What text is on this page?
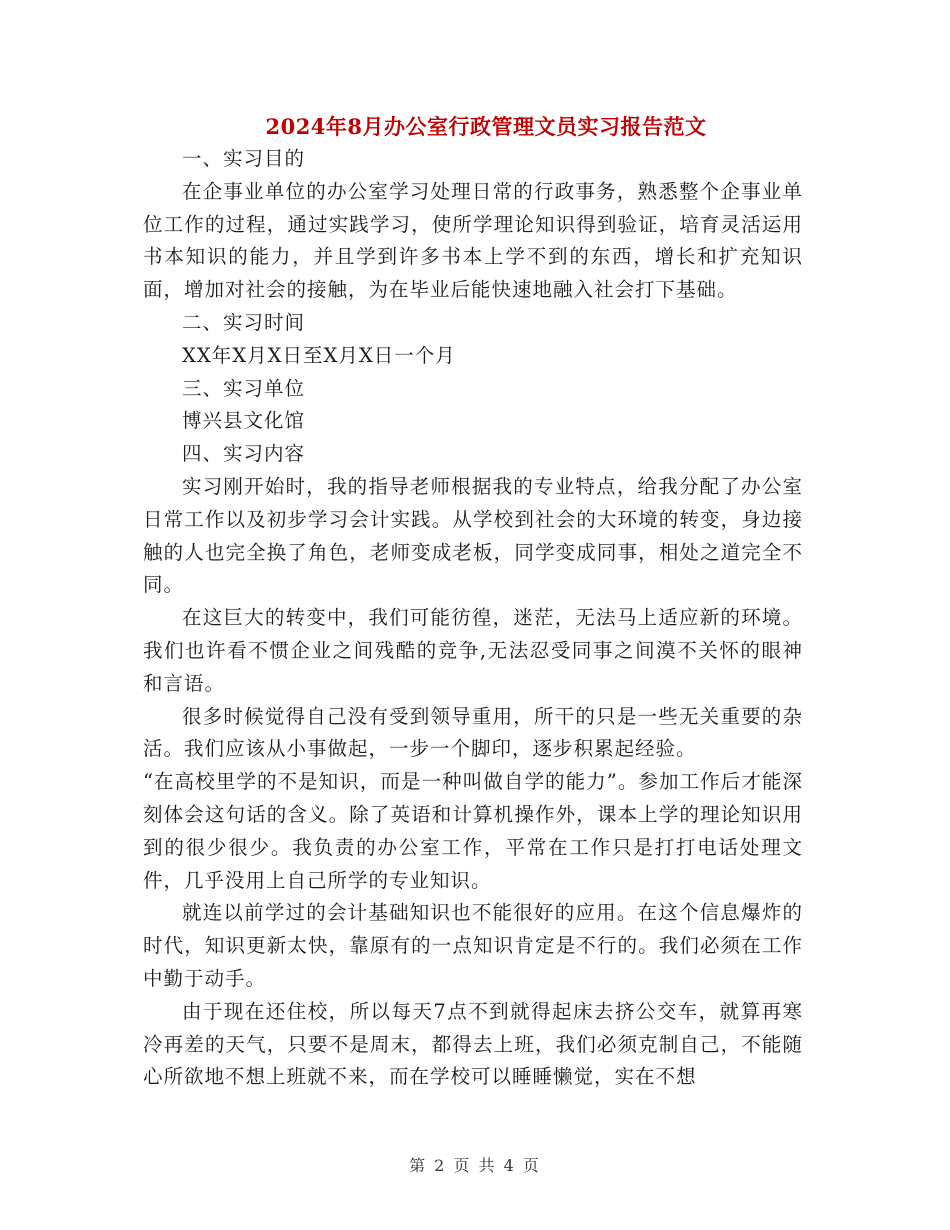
2024年8月办公室行政管理文员实习报告范文

一、实习目的

在企事业单位的办公室学习处理日常的行政事务，熟悉整个企事业单位工作的过程，通过实践学习，使所学理论知识得到验证，培育灵活运用书本知识的能力，并且学到许多书本上学不到的东西，增长和扩充知识面，增加对社会的接触，为在毕业后能快速地融入社会打下基础。

二、实习时间

XX年X月X日至X月X日一个月

三、实习单位

博兴县文化馆

四、实习内容

实习刚开始时，我的指导老师根据我的专业特点，给我分配了办公室日常工作以及初步学习会计实践。从学校到社会的大环境的转变，身边接触的人也完全换了角色，老师变成老板，同学变成同事，相处之道完全不同。

在这巨大的转变中，我们可能彷徨，迷茫，无法马上适应新的环境。我们也许看不惯企业之间残酷的竞争,无法忍受同事之间漠不关怀的眼神和言语。

很多时候觉得自己没有受到领导重用，所干的只是一些无关重要的杂活。我们应该从小事做起，一步一个脚印，逐步积累起经验。

“在高校里学的不是知识，而是一种叫做自学的能力”。参加工作后才能深刻体会这句话的含义。除了英语和计算机操作外，课本上学的理论知识用到的很少很少。我负责的办公室工作，平常在工作只是打打电话处理文件，几乎没用上自己所学的专业知识。

就连以前学过的会计基础知识也不能很好的应用。在这个信息爆炸的时代，知识更新太快，靠原有的一点知识肯定是不行的。我们必须在工作中勤于动手。

由于现在还住校，所以每天7点不到就得起床去挤公交车，就算再寒冷再差的天气，只要不是周末，都得去上班，我们必须克制自己，不能随心所欲地不想上班就不来，而在学校可以睡睡懒觉，实在不想

第 2 页 共 4 页
